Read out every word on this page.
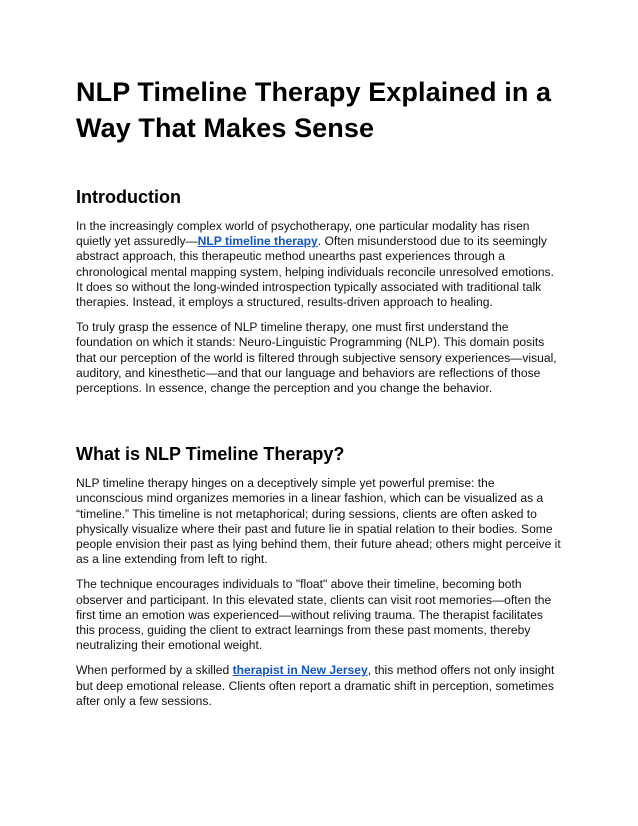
NLP Timeline Therapy Explained in a Way That Makes Sense
Introduction

In the increasingly complex world of psychotherapy, one particular modality has risen quietly yet assuredly—NLP timeline therapy. Often misunderstood due to its seemingly abstract approach, this therapeutic method unearths past experiences through a chronological mental mapping system, helping individuals reconcile unresolved emotions. It does so without the long-winded introspection typically associated with traditional talk therapies. Instead, it employs a structured, results-driven approach to healing.

To truly grasp the essence of NLP timeline therapy, one must first understand the foundation on which it stands: Neuro-Linguistic Programming (NLP). This domain posits that our perception of the world is filtered through subjective sensory experiences—visual, auditory, and kinesthetic—and that our language and behaviors are reflections of those perceptions. In essence, change the perception and you change the behavior.

What is NLP Timeline Therapy?

NLP timeline therapy hinges on a deceptively simple yet powerful premise: the unconscious mind organizes memories in a linear fashion, which can be visualized as a “timeline.” This timeline is not metaphorical; during sessions, clients are often asked to physically visualize where their past and future lie in spatial relation to their bodies. Some people envision their past as lying behind them, their future ahead; others might perceive it as a line extending from left to right.

The technique encourages individuals to "float" above their timeline, becoming both observer and participant. In this elevated state, clients can visit root memories—often the first time an emotion was experienced—without reliving trauma. The therapist facilitates this process, guiding the client to extract learnings from these past moments, thereby neutralizing their emotional weight.

When performed by a skilled therapist in New Jersey, this method offers not only insight but deep emotional release. Clients often report a dramatic shift in perception, sometimes after only a few sessions.
